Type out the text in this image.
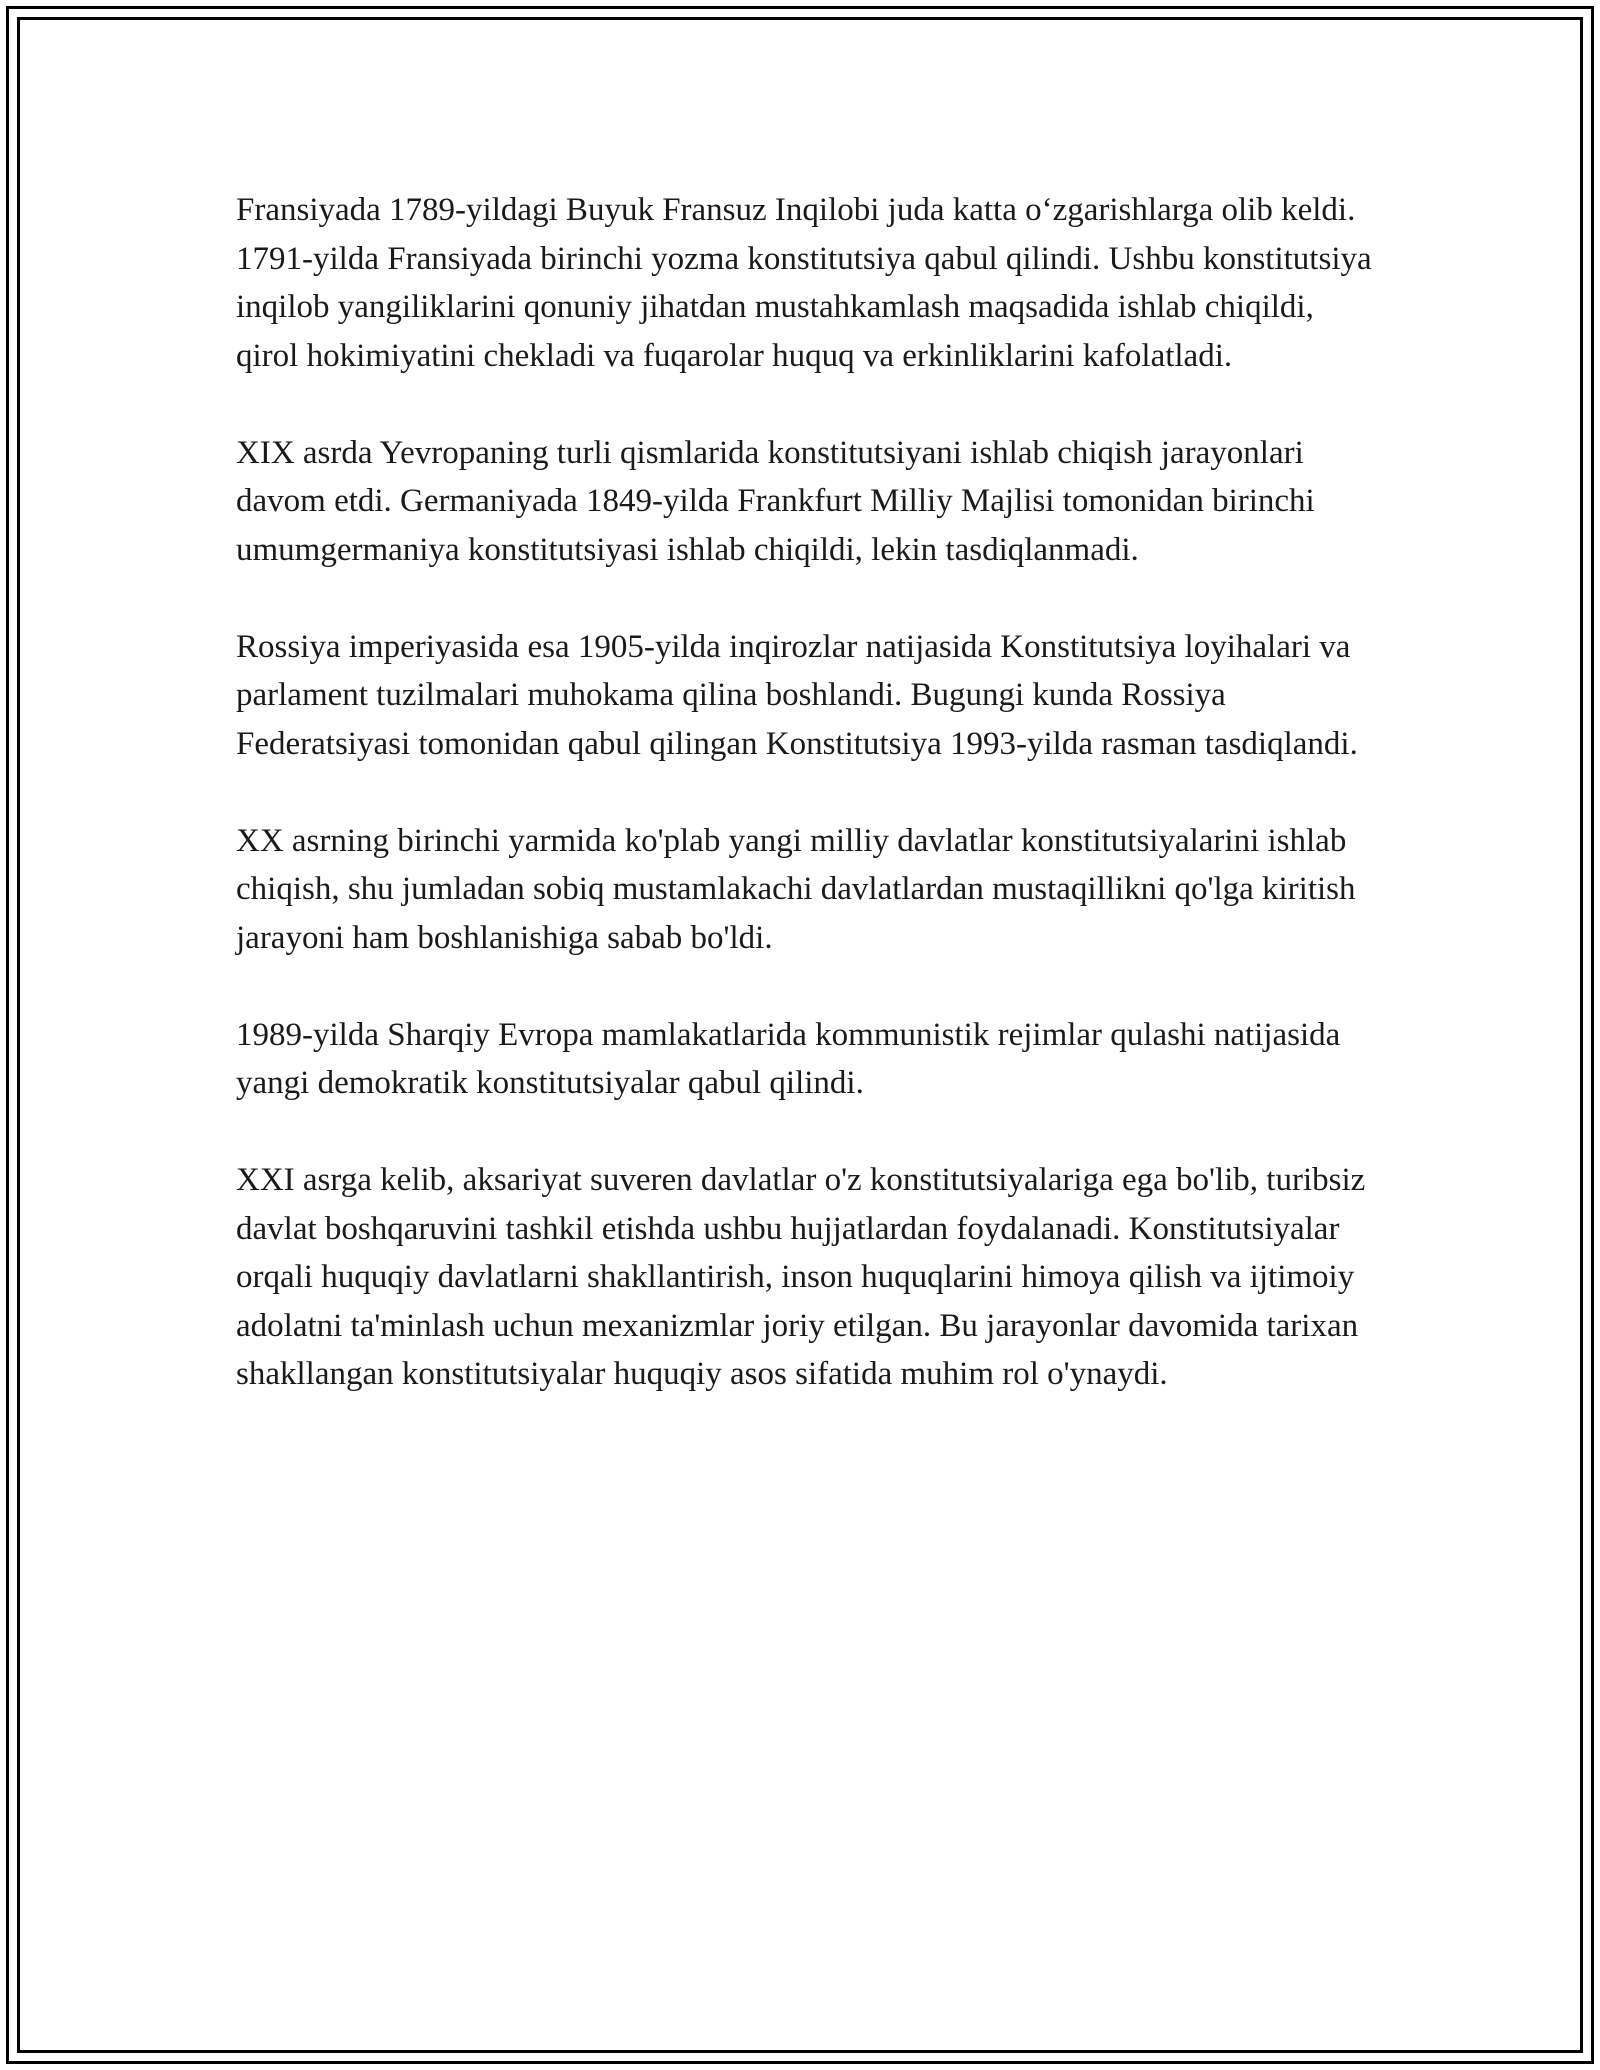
Fransiyada 1789-yildagi Buyuk Fransuz Inqilobi juda katta o‘zgarishlarga olib keldi. 1791-yilda Fransiyada birinchi yozma konstitutsiya qabul qilindi. Ushbu konstitutsiya inqilob yangiliklarini qonuniy jihatdan mustahkamlash maqsadida ishlab chiqildi, qirol hokimiyatini chekladi va fuqarolar huquq va erkinliklarini kafolatladi.

XIX asrda Yevropaning turli qismlarida konstitutsiyani ishlab chiqish jarayonlari davom etdi. Germaniyada 1849-yilda Frankfurt Milliy Majlisi tomonidan birinchi umumgermaniya konstitutsiyasi ishlab chiqildi, lekin tasdiqlanmadi.

Rossiya imperiyasida esa 1905-yilda inqirozlar natijasida Konstitutsiya loyihalari va parlament tuzilmalari muhokama qilina boshlandi. Bugungi kunda Rossiya Federatsiyasi tomonidan qabul qilingan Konstitutsiya 1993-yilda rasman tasdiqlandi.

XX asrning birinchi yarmida ko'plab yangi milliy davlatlar konstitutsiyalarini ishlab chiqish, shu jumladan sobiq mustamlakachi davlatlardan mustaqillikni qo'lga kiritish jarayoni ham boshlanishiga sabab bo'ldi.

1989-yilda Sharqiy Evropa mamlakatlarida kommunistik rejimlar qulashi natijasida yangi demokratik konstitutsiyalar qabul qilindi.

XXI asrga kelib, aksariyat suveren davlatlar o'z konstitutsiyalariga ega bo'lib, turibsiz davlat boshqaruvini tashkil etishda ushbu hujjatlardan foydalanadi. Konstitutsiyalar orqali huquqiy davlatlarni shakllantirish, inson huquqlarini himoya qilish va ijtimoiy adolatni ta'minlash uchun mexanizmlar joriy etilgan. Bu jarayonlar davomida tarixan shakllangan konstitutsiyalar huquqiy asos sifatida muhim rol o'ynaydi.
